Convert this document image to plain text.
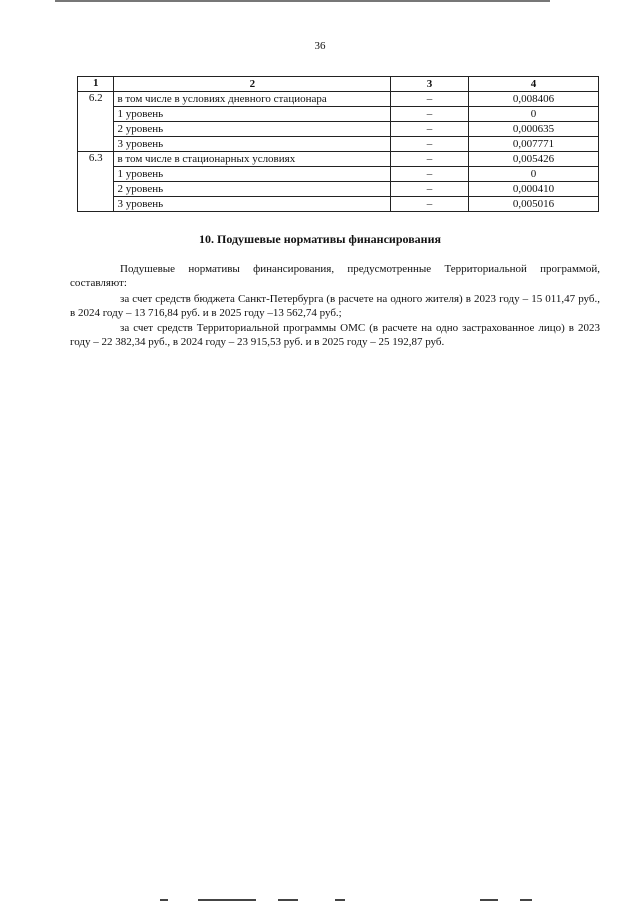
36
1	2	3	4
6.2	в том числе в условиях дневного стационара	–	0,008406
	1 уровень	–	0
	2 уровень	–	0,000635
	3 уровень	–	0,007771
6.3	в том числе в стационарных условиях	–	0,005426
	1 уровень	–	0
	2 уровень	–	0,000410
	3 уровень	–	0,005016
10. Подушевые нормативы финансирования

Подушевые нормативы финансирования, предусмотренные Территориальной программой, составляют:

за счет средств бюджета Санкт-Петербурга (в расчете на одного жителя) в 2023 году – 15 011,47 руб., в 2024 году – 13 716,84 руб. и в 2025 году –13 562,74 руб.;

за счет средств Территориальной программы ОМС (в расчете на одно застрахованное лицо) в 2023 году – 22 382,34 руб., в 2024 году – 23 915,53 руб. и в 2025 году – 25 192,87 руб.
